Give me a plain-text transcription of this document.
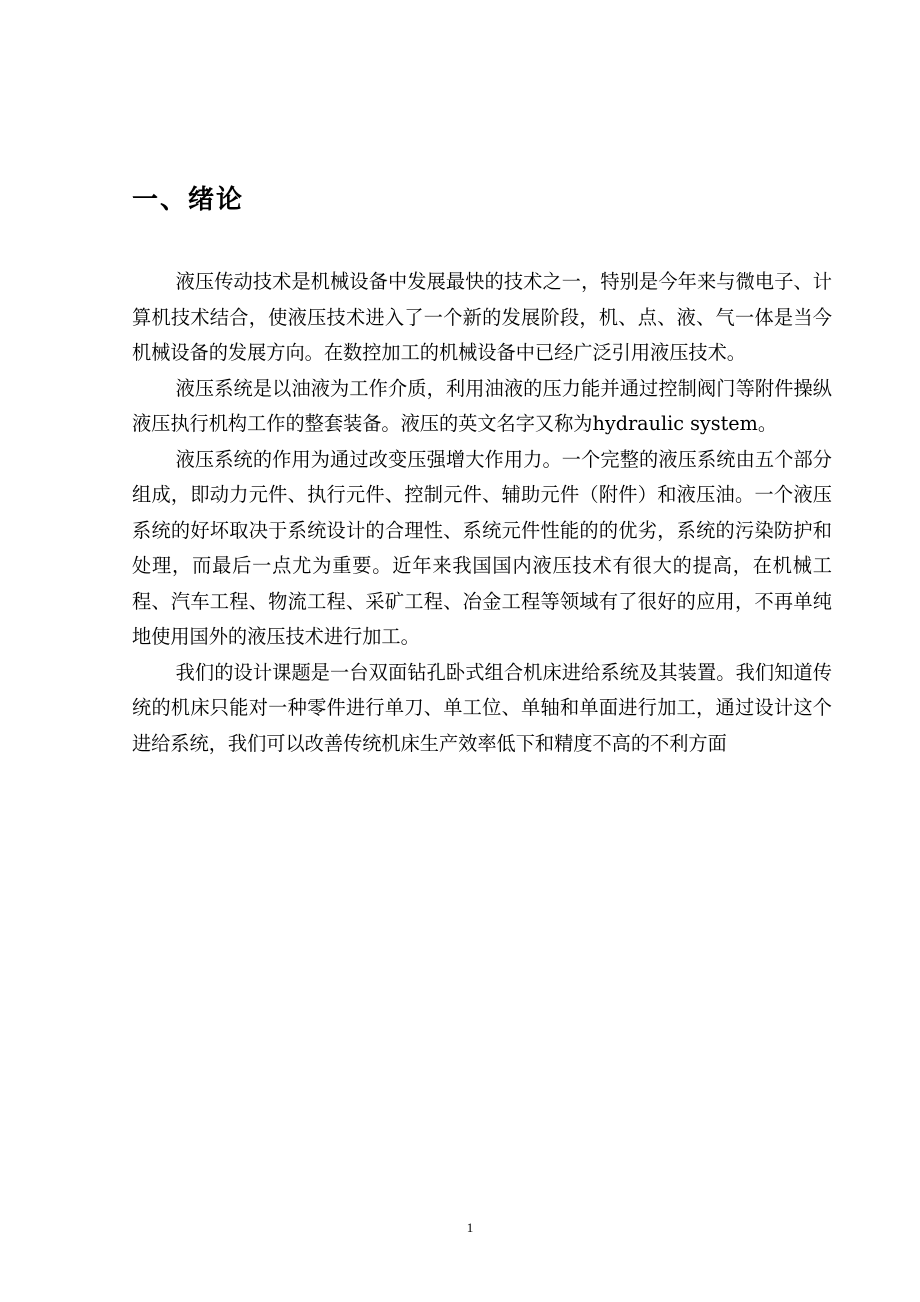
一、绪论

液压传动技术是机械设备中发展最快的技术之一，特别是今年来与微电子、计算机技术结合，使液压技术进入了一个新的发展阶段，机、点、液、气一体是当今机械设备的发展方向。在数控加工的机械设备中已经广泛引用液压技术。

液压系统是以油液为工作介质，利用油液的压力能并通过控制阀门等附件操纵液压执行机构工作的整套装备。液压的英文名字又称为hydraulic system。

液压系统的作用为通过改变压强增大作用力。一个完整的液压系统由五个部分组成，即动力元件、执行元件、控制元件、辅助元件（附件）和液压油。一个液压系统的好坏取决于系统设计的合理性、系统元件性能的的优劣，系统的污染防护和处理，而最后一点尤为重要。近年来我国国内液压技术有很大的提高，在机械工程、汽车工程、物流工程、采矿工程、冶金工程等领域有了很好的应用，不再单纯地使用国外的液压技术进行加工。

我们的设计课题是一台双面钻孔卧式组合机床进给系统及其装置。我们知道传统的机床只能对一种零件进行单刀、单工位、单轴和单面进行加工，通过设计这个进给系统，我们可以改善传统机床生产效率低下和精度不高的不利方面

1
